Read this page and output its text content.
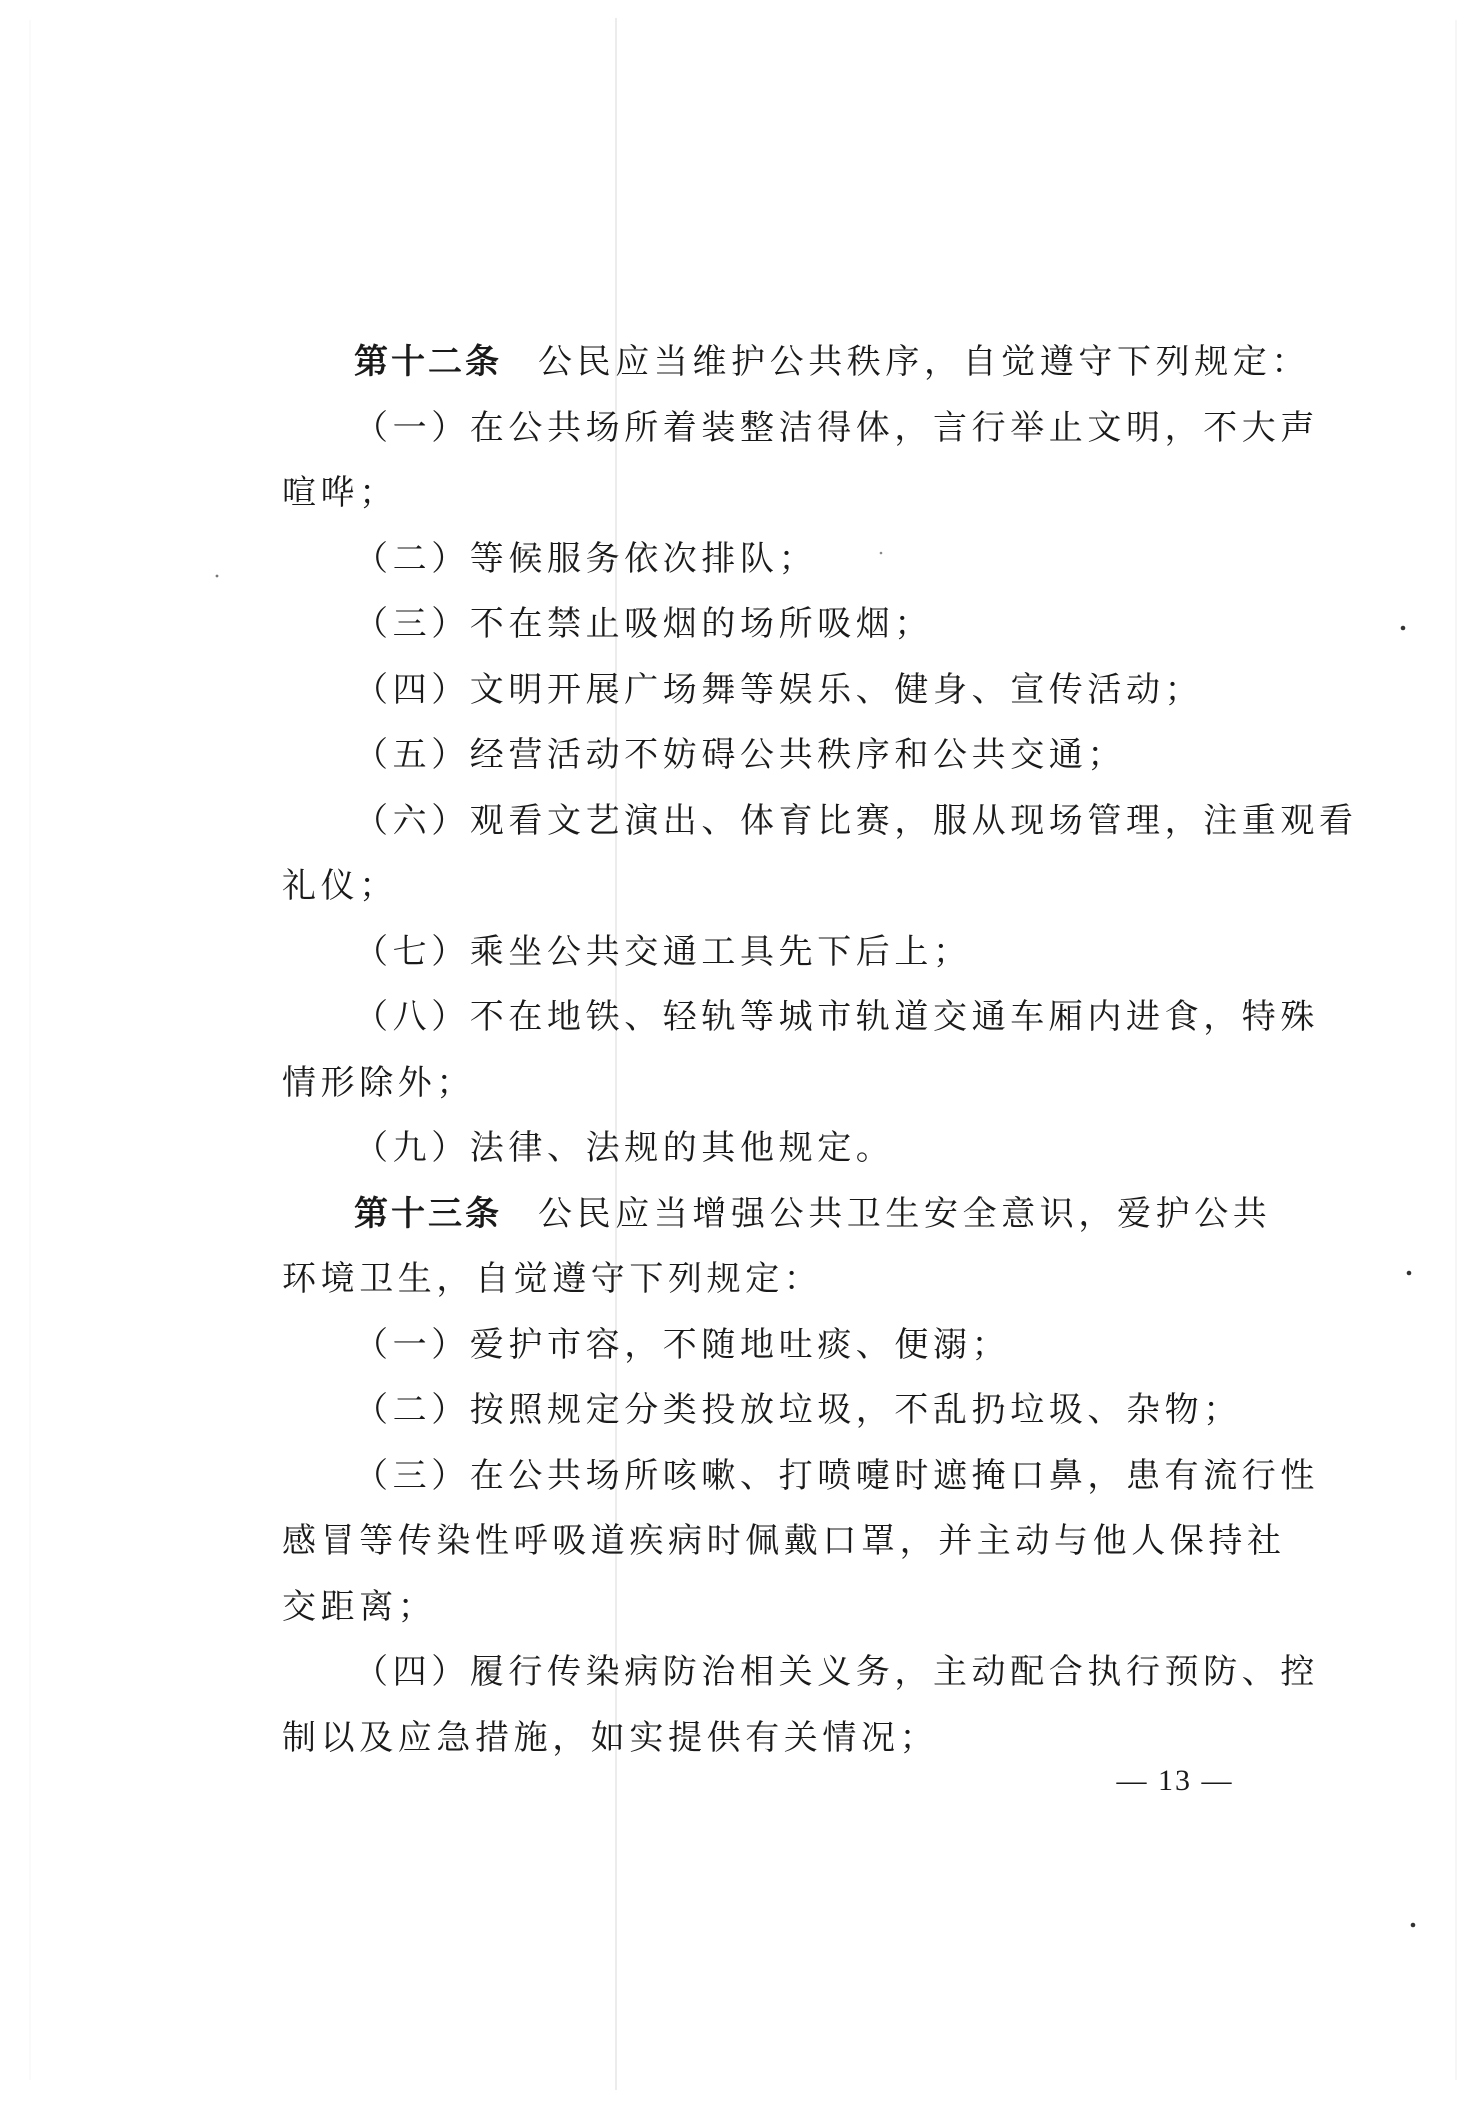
第十二条 公民应当维护公共秩序，自觉遵守下列规定：
（一）在公共场所着装整洁得体，言行举止文明，不大声
喧哗；
（二）等候服务依次排队；
（三）不在禁止吸烟的场所吸烟；
（四）文明开展广场舞等娱乐、健身、宣传活动；
（五）经营活动不妨碍公共秩序和公共交通；
（六）观看文艺演出、体育比赛，服从现场管理，注重观看
礼仪；
（七）乘坐公共交通工具先下后上；
（八）不在地铁、轻轨等城市轨道交通车厢内进食，特殊
情形除外；
（九）法律、法规的其他规定。
第十三条 公民应当增强公共卫生安全意识，爱护公共
环境卫生，自觉遵守下列规定：
（一）爱护市容，不随地吐痰、便溺；
（二）按照规定分类投放垃圾，不乱扔垃圾、杂物；
（三）在公共场所咳嗽、打喷嚏时遮掩口鼻，患有流行性
感冒等传染性呼吸道疾病时佩戴口罩，并主动与他人保持社
交距离；
（四）履行传染病防治相关义务，主动配合执行预防、控
制以及应急措施，如实提供有关情况；
— 13 —
